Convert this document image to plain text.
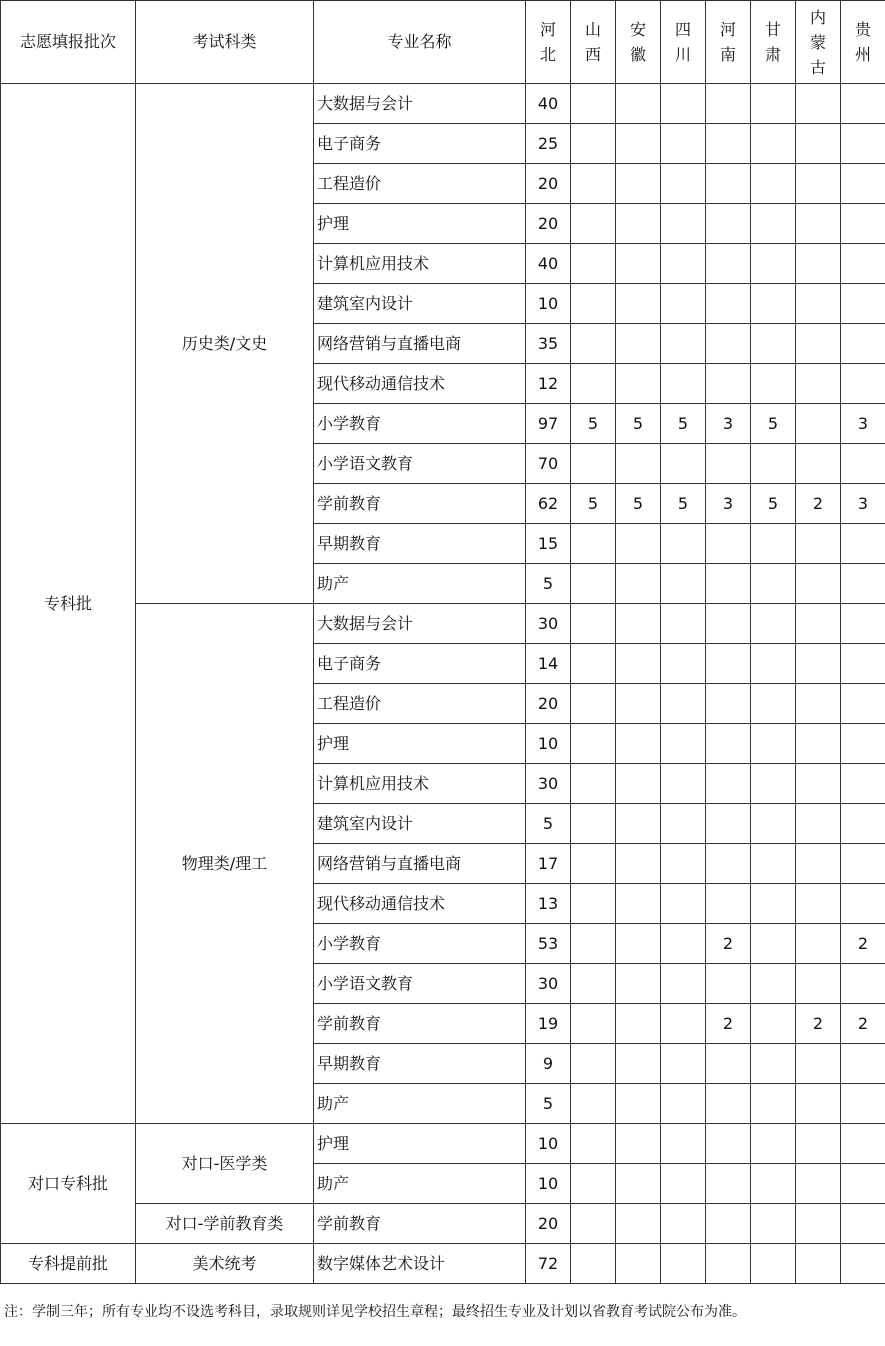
志愿填报批次	考试科类	专业名称	河北	山西	安徽	四川	河南	甘肃	内蒙古	贵州
专科批	历史类/文史	大数据与会计	40							
		电子商务	25							
		工程造价	20							
		护理	20							
		计算机应用技术	40							
		建筑室内设计	10							
		网络营销与直播电商	35							
		现代移动通信技术	12							
		小学教育	97	5	5	5	3	5		3
		小学语文教育	70							
		学前教育	62	5	5	5	3	5	2	3
		早期教育	15							
		助产	5							
	物理类/理工	大数据与会计	30							
		电子商务	14							
		工程造价	20							
		护理	10							
		计算机应用技术	30							
		建筑室内设计	5							
		网络营销与直播电商	17							
		现代移动通信技术	13							
		小学教育	53				2			2
		小学语文教育	30							
		学前教育	19				2		2	2
		早期教育	9							
		助产	5							
对口专科批	对口-医学类	护理	10							
		助产	10							
	对口-学前教育类	学前教育	20							
专科提前批	美术统考	数字媒体艺术设计	72							
注：学制三年；所有专业均不设选考科目，录取规则详见学校招生章程；最终招生专业及计划以省教育考试院公布为准。
